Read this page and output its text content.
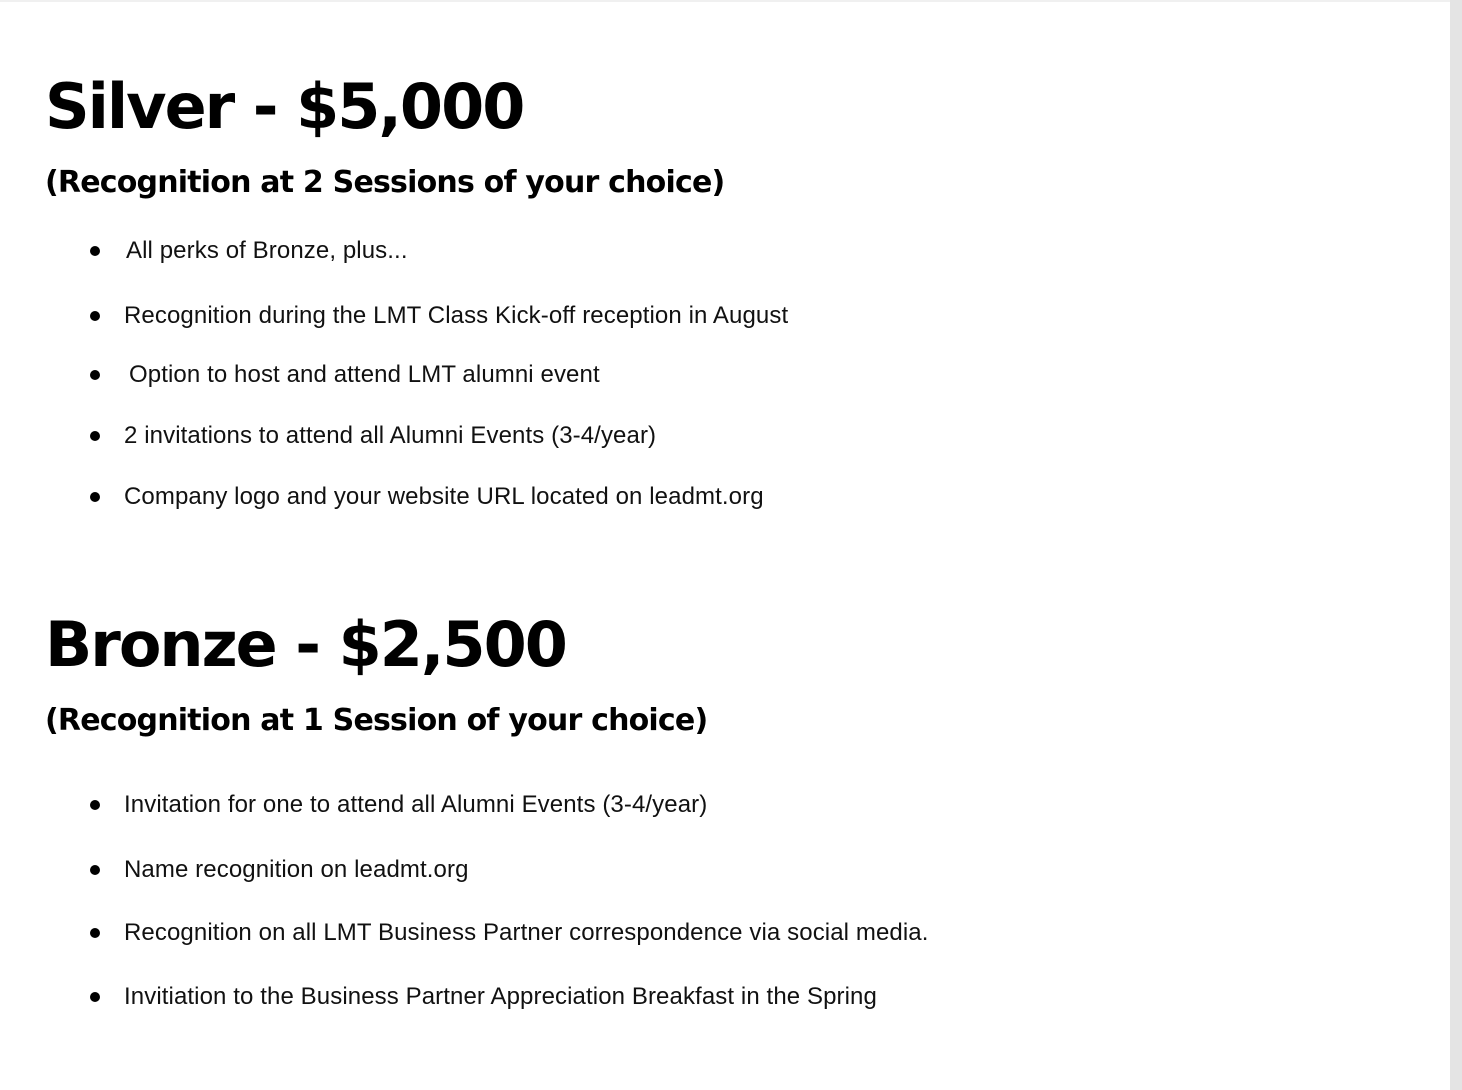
Silver - $5,000
(Recognition at 2 Sessions of your choice)
All perks of Bronze, plus...
Recognition during the LMT Class Kick-off reception in August
Option to host and attend LMT alumni event
2 invitations to attend all Alumni Events (3-4/year)
Company logo and your website URL located on leadmt.org
Bronze - $2,500
(Recognition at 1 Session of your choice)
Invitation for one to attend all Alumni Events (3-4/year)
Name recognition on leadmt.org
Recognition on all LMT Business Partner correspondence via social media.
Invitiation to the Business Partner Appreciation Breakfast in the Spring
